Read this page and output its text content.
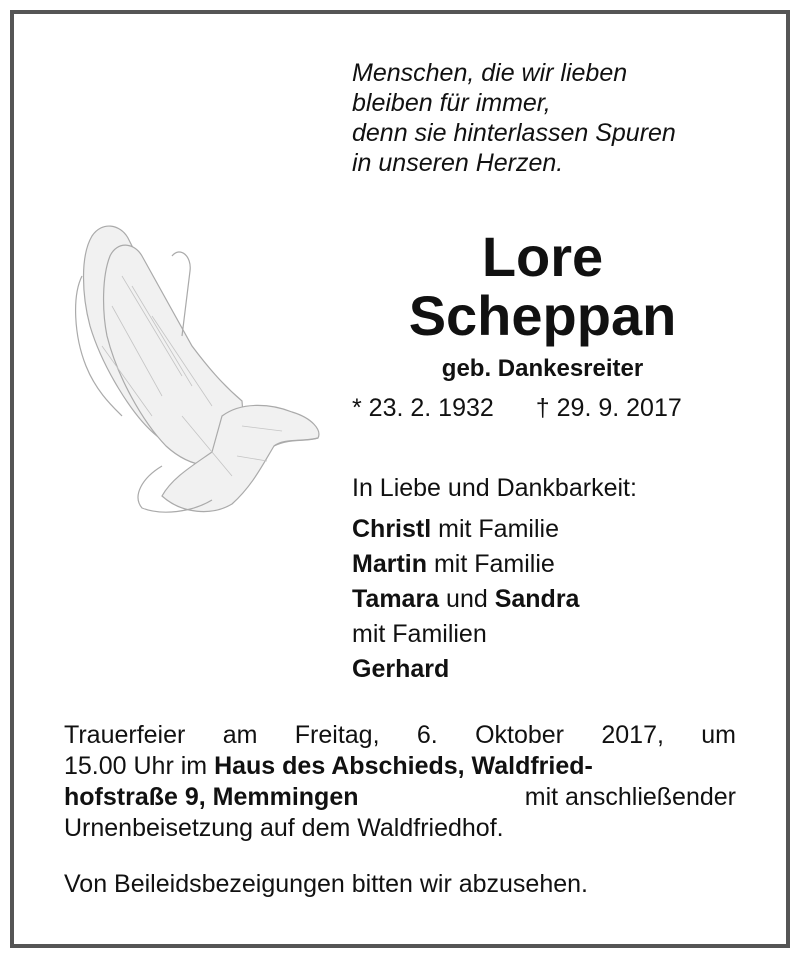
Menschen, die wir lieben
bleiben für immer,
denn sie hinterlassen Spuren
in unseren Herzen.
Lore
Scheppan
geb. Dankesreiter
* 23. 2. 1932 † 29. 9. 2017
In Liebe und Dankbarkeit:
Christl mit Familie
Martin mit Familie
Tamara und Sandra
mit Familien
Gerhard
Trauerfeier am Freitag, 6. Oktober 2017, um
15.00 Uhr im Haus des Abschieds, Waldfried-
hofstraße 9, Memmingen	mit anschließender
Urnenbeisetzung auf dem Waldfriedhof.
Von Beileidsbezeigungen bitten wir abzusehen.
